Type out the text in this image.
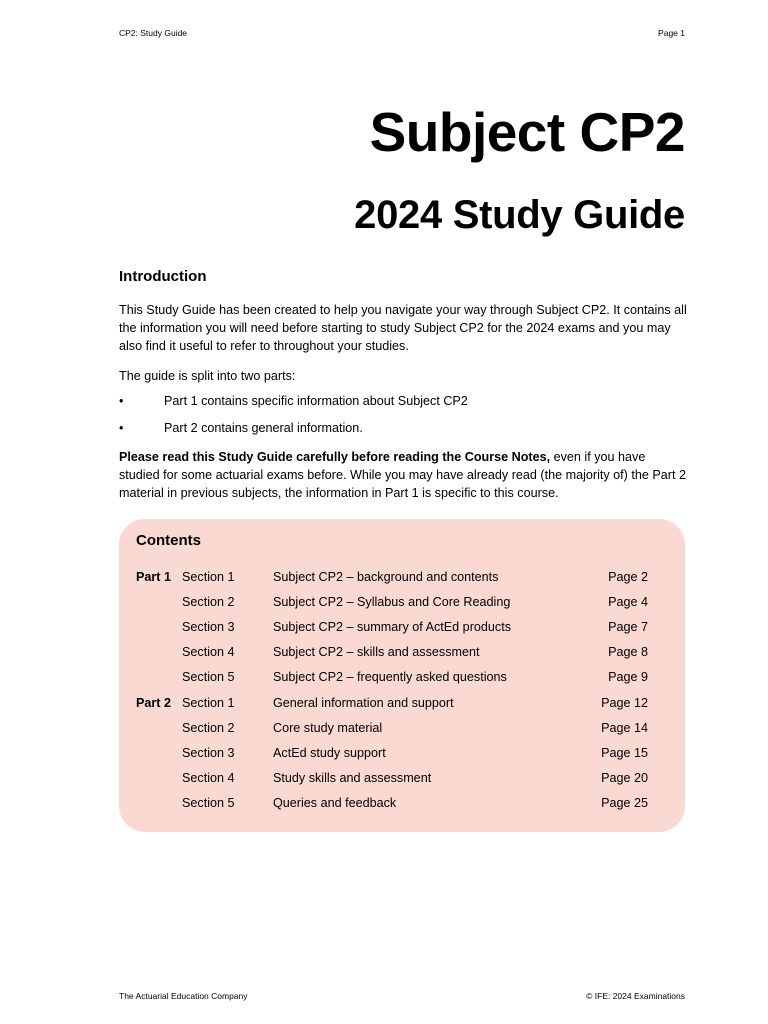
CP2: Study Guide	Page 1
Subject CP2
2024 Study Guide
Introduction
This Study Guide has been created to help you navigate your way through Subject CP2. It contains all the information you will need before starting to study Subject CP2 for the 2024 exams and you may also find it useful to refer to throughout your studies.
The guide is split into two parts:
•	Part 1 contains specific information about Subject CP2
•	Part 2 contains general information.
Please read this Study Guide carefully before reading the Course Notes, even if you have studied for some actuarial exams before. While you may have already read (the majority of) the Part 2 material in previous subjects, the information in Part 1 is specific to this course.
Contents
Part 1 Section 1	Subject CP2 – background and contents	Page 2
Section 2	Subject CP2 – Syllabus and Core Reading	Page 4
Section 3	Subject CP2 – summary of ActEd products	Page 7
Section 4	Subject CP2 – skills and assessment	Page 8
Section 5	Subject CP2 – frequently asked questions	Page 9
Part 2 Section 1	General information and support	Page 12
Section 2	Core study material	Page 14
Section 3	ActEd study support	Page 15
Section 4	Study skills and assessment	Page 20
Section 5	Queries and feedback	Page 25
The Actuarial Education Company	© IFE: 2024 Examinations
